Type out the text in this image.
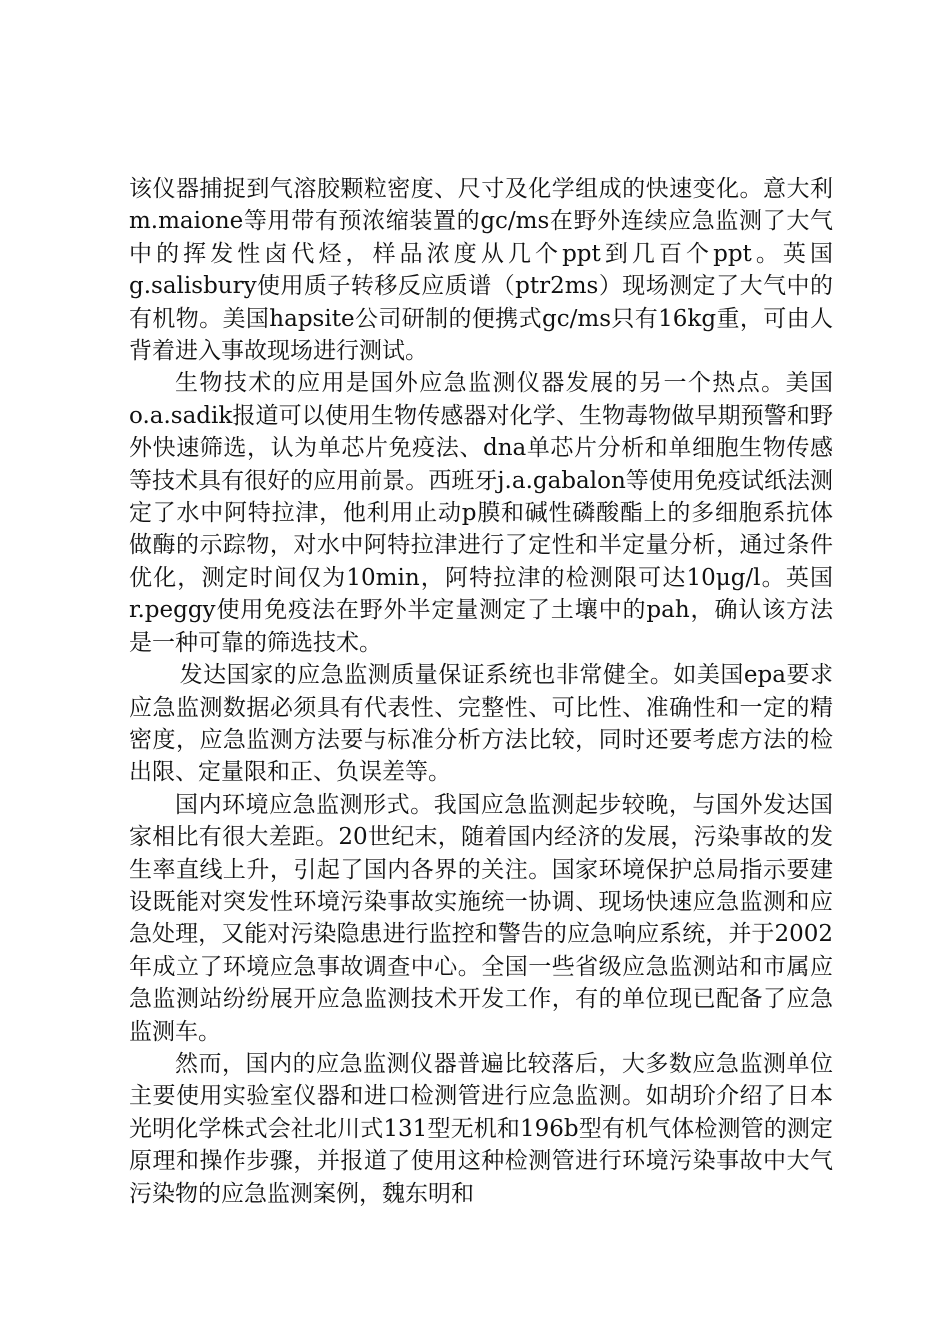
该仪器捕捉到气溶胶颗粒密度、尺寸及化学组成的快速变化。意大利m.maione等用带有预浓缩装置的gc/ms在野外连续应急监测了大气中的挥发性卤代烃，样品浓度从几个ppt到几百个ppt。英国g.salisbury使用质子转移反应质谱（ptr2ms）现场测定了大气中的有机物。美国hapsite公司研制的便携式gc/ms只有16kg重，可由人背着进入事故现场进行测试。

生物技术的应用是国外应急监测仪器发展的另一个热点。美国o.a.sadik报道可以使用生物传感器对化学、生物毒物做早期预警和野外快速筛选，认为单芯片免疫法、dna单芯片分析和单细胞生物传感等技术具有很好的应用前景。西班牙j.a.gabalon等使用免疫试纸法测定了水中阿特拉津，他利用止动p膜和碱性磷酸酯上的多细胞系抗体做酶的示踪物，对水中阿特拉津进行了定性和半定量分析，通过条件优化，测定时间仅为10min，阿特拉津的检测限可达10μg/l。英国r.peggy使用免疫法在野外半定量测定了土壤中的pah，确认该方法是一种可靠的筛选技术。

发达国家的应急监测质量保证系统也非常健全。如美国epa要求应急监测数据必须具有代表性、完整性、可比性、准确性和一定的精密度，应急监测方法要与标准分析方法比较，同时还要考虑方法的检出限、定量限和正、负误差等。

国内环境应急监测形式。我国应急监测起步较晚，与国外发达国家相比有很大差距。20世纪末，随着国内经济的发展，污染事故的发生率直线上升，引起了国内各界的关注。国家环境保护总局指示要建设既能对突发性环境污染事故实施统一协调、现场快速应急监测和应急处理，又能对污染隐患进行监控和警告的应急响应系统，并于2002年成立了环境应急事故调查中心。全国一些省级应急监测站和市属应急监测站纷纷展开应急监测技术开发工作，有的单位现已配备了应急监测车。

然而，国内的应急监测仪器普遍比较落后，大多数应急监测单位主要使用实验室仪器和进口检测管进行应急监测。如胡玠介绍了日本光明化学株式会社北川式131型无机和196b型有机气体检测管的测定原理和操作步骤，并报道了使用这种检测管进行环境污染事故中大气污染物的应急监测案例，魏东明和
